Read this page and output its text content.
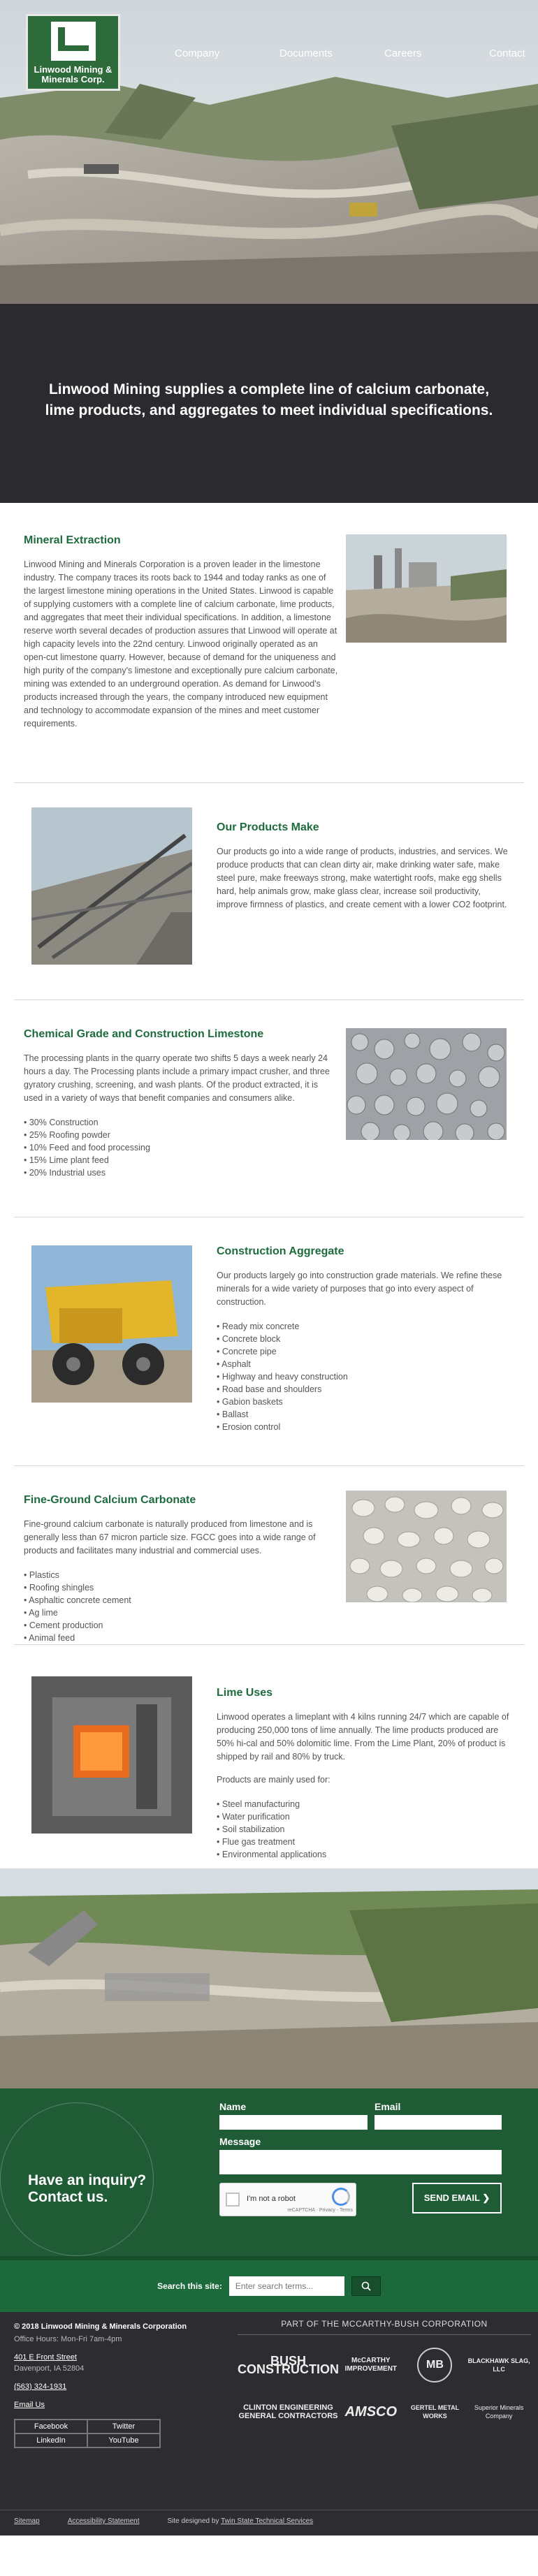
Linwood Mining & Minerals Corp.
Company	Documents	Careers	Contact
Linwood Mining supplies a complete line of calcium carbonate, lime products, and aggregates to meet individual specifications.
Mineral Extraction

Linwood Mining and Minerals Corporation is a proven leader in the limestone industry. The company traces its roots back to 1944 and today ranks as one of the largest limestone mining operations in the United States. Linwood is capable of supplying customers with a complete line of calcium carbonate, lime products, and aggregates that meet their individual specifications. In addition, a limestone reserve worth several decades of production assures that Linwood will operate at high capacity levels into the 22nd century. Linwood originally operated as an open-cut limestone quarry. However, because of demand for the uniqueness and high purity of the company's limestone and exceptionally pure calcium carbonate, mining was extended to an underground operation. As demand for Linwood's products increased through the years, the company introduced new equipment and technology to accommodate expansion of the mines and meet customer requirements.

Our Products Make

Our products go into a wide range of products, industries, and services. We produce products that can clean dirty air, make drinking water safe, make steel pure, make freeways strong, make watertight roofs, make egg shells hard, help animals grow, make glass clear, increase soil productivity, improve firmness of plastics, and create cement with a lower CO2 footprint.

Chemical Grade and Construction Limestone

The processing plants in the quarry operate two shifts 5 days a week nearly 24 hours a day. The Processing plants include a primary impact crusher, and three gyratory crushing, screening, and wash plants. Of the product extracted, it is used in a variety of ways that benefit companies and consumers alike.

• 30% Construction
• 25% Roofing powder
• 10% Feed and food processing
• 15% Lime plant feed
• 20% Industrial uses
Construction Aggregate

Our products largely go into construction grade materials. We refine these minerals for a wide variety of purposes that go into every aspect of construction.

• Ready mix concrete
• Concrete block
• Concrete pipe
• Asphalt
• Highway and heavy construction
• Road base and shoulders
• Gabion baskets
• Ballast
• Erosion control
Fine-Ground Calcium Carbonate

Fine-ground calcium carbonate is naturally produced from limestone and is generally less than 67 micron particle size. FGCC goes into a wide range of products and facilitates many industrial and commercial uses.

• Plastics
• Roofing shingles
• Asphaltic concrete cement
• Ag lime
• Cement production
• Animal feed
Lime Uses

Linwood operates a limeplant with 4 kilns running 24/7 which are capable of producing 250,000 tons of lime annually. The lime products produced are 50% hi-cal and 50% dolomitic lime. From the Lime Plant, 20% of product is shipped by rail and 80% by truck.

Products are mainly used for:

• Steel manufacturing
• Water purification
• Soil stabilization
• Flue gas treatment
• Environmental applications
Have an inquiry?
Contact us.
Name	Email
Message
I'm not a robot
reCAPTCHA · Privacy - Terms
SEND EMAIL ❯
Search this site:
Enter search terms...
© 2018 Linwood Mining & Minerals Corporation
Office Hours: Mon-Fri 7am-4pm
401 E Front Street
Davenport, IA 52804
(563) 324-1931
Email Us
Facebook	Twitter
LinkedIn	YouTube
PART OF THE MCCARTHY-BUSH CORPORATION
BUSH CONSTRUCTION
McCARTHY IMPROVEMENT	MB	BLACKHAWK SLAG, LLC
CLINTON ENGINEERING GENERAL CONTRACTORS AMSCO	GERTEL METAL WORKS
Superior Minerals Company
Sitemap	Accessibility Statement	Site designed by Twin State Technical Services
